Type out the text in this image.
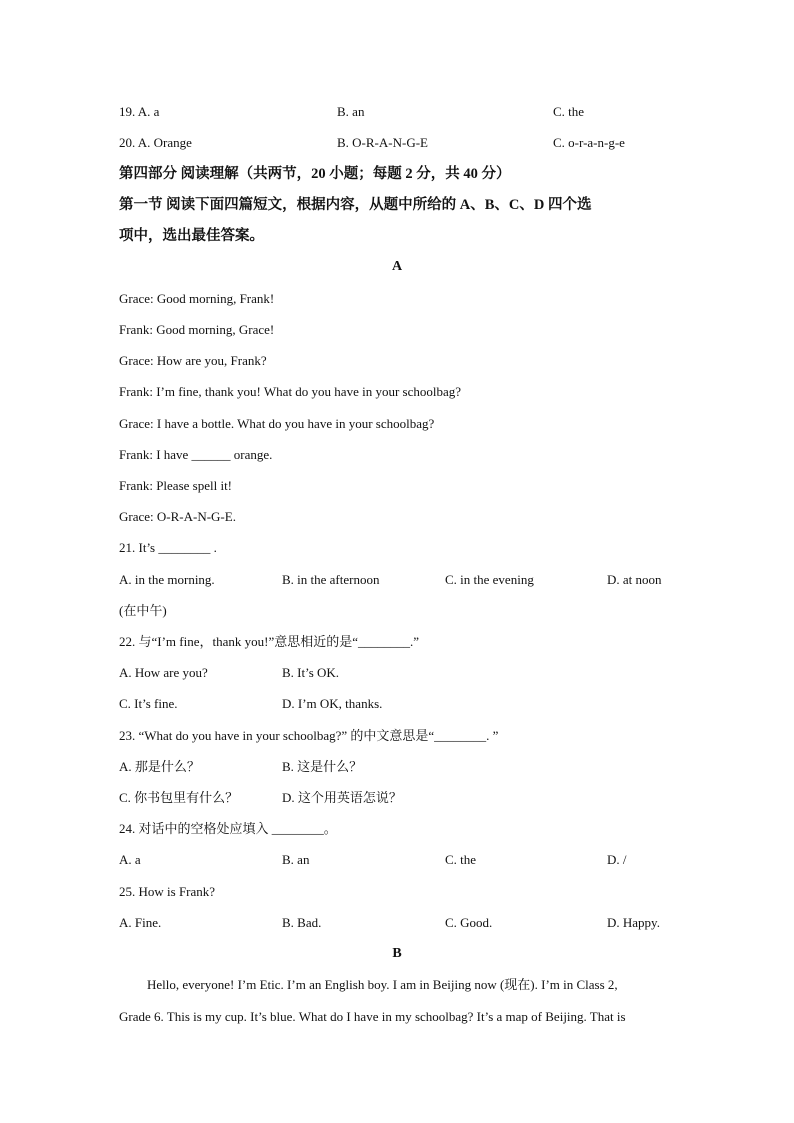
19. A. a	B. an	C. the
20. A. Orange	B. O-R-A-N-G-E	C. o-r-a-n-g-e
第四部分 阅读理解（共两节，20 小题；每题 2 分，共 40 分）
第一节 阅读下面四篇短文，根据内容，从题中所给的 A、B、C、D 四个选
项中，选出最佳答案。
A
Grace: Good morning, Frank!
Frank: Good morning, Grace!
Grace: How are you, Frank?
Frank: I’m fine, thank you! What do you have in your schoolbag?
Grace: I have a bottle. What do you have in your schoolbag?
Frank: I have ______ orange.
Frank: Please spell it!
Grace: O-R-A-N-G-E.
21. It’s ________ .
A. in the morning.	B. in the afternoon	C. in the evening	D. at noon
(在中午)
22. 与“I’m fine，thank you!”意思相近的是“________.”
A. How are you?	B. It’s OK.
C. It’s fine.	D. I’m OK, thanks.
23. “What do you have in your schoolbag?” 的中文意思是“________. ”
A. 那是什么？	B. 这是什么？
C. 你书包里有什么？	D. 这个用英语怎说？
24. 对话中的空格处应填入 ________。
A. a	B. an	C. the	D. /
25. How is Frank?
A. Fine.	B. Bad.	C. Good.	D. Happy.
B
Hello, everyone! I’m Etic. I’m an English boy. I am in Beijing now (现在). I’m in Class 2,
Grade 6. This is my cup. It’s blue. What do I have in my schoolbag? It’s a map of Beijing. That is
